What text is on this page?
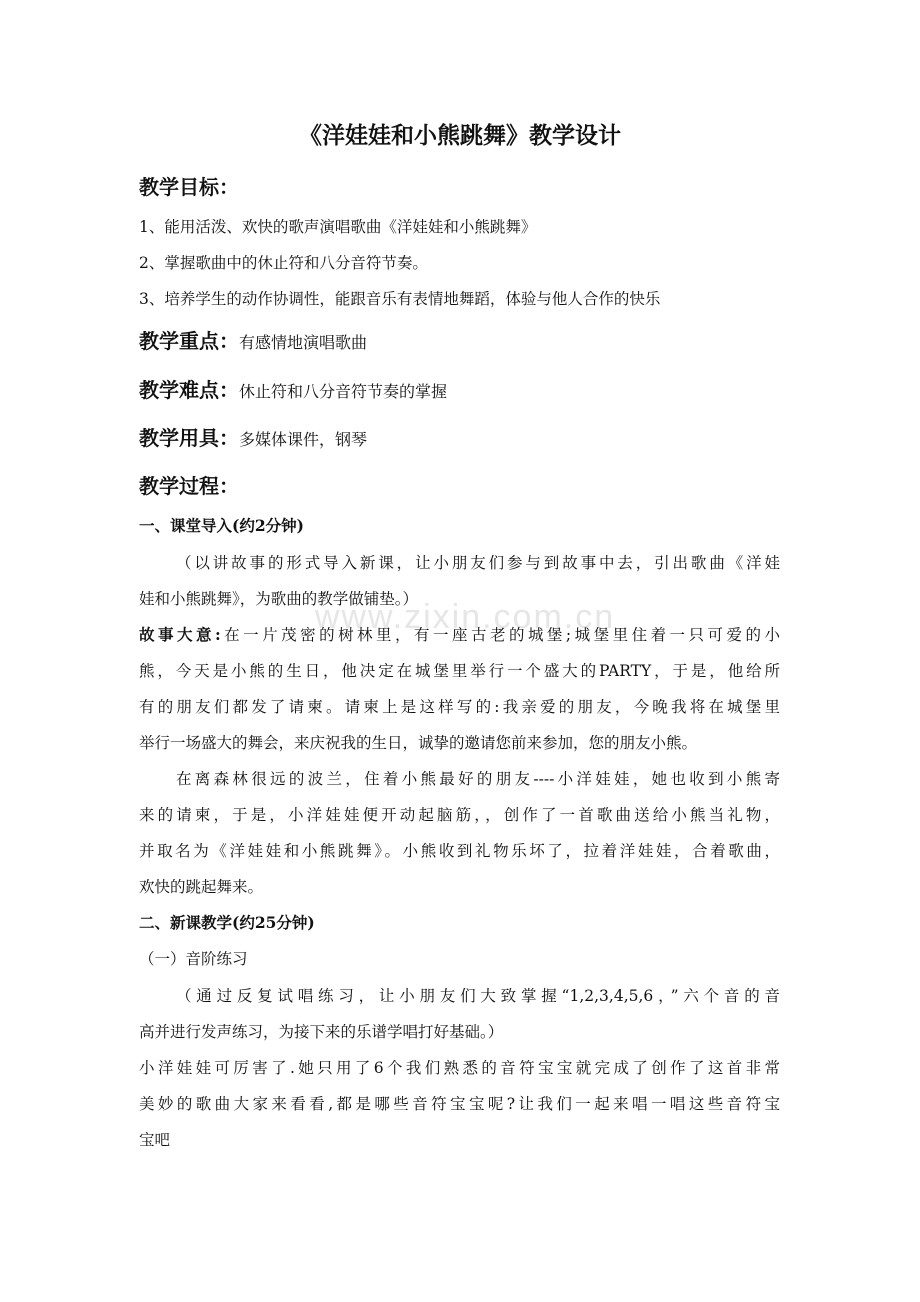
www.zixin.com.cn
《洋娃娃和小熊跳舞》教学设计
教学目标：
1、能用活泼、欢快的歌声演唱歌曲《洋娃娃和小熊跳舞》
2、掌握歌曲中的休止符和八分音符节奏。
3、培养学生的动作协调性，能跟音乐有表情地舞蹈，体验与他人合作的快乐
教学重点：有感情地演唱歌曲
教学难点：休止符和八分音符节奏的掌握
教学用具：多媒体课件，钢琴
教学过程：
一、课堂导入(约2分钟)
（以讲故事的形式导入新课，让小朋友们参与到故事中去，引出歌曲《洋娃
娃和小熊跳舞》，为歌曲的教学做铺垫。）
故事大意:在一片茂密的树林里，有一座古老的城堡;城堡里住着一只可爱的小
熊，今天是小熊的生日，他决定在城堡里举行一个盛大的PARTY，于是，他给所
有的朋友们都发了请柬。请柬上是这样写的:我亲爱的朋友，今晚我将在城堡里
举行一场盛大的舞会，来庆祝我的生日，诚挚的邀请您前来参加，您的朋友小熊。
在离森林很远的波兰，住着小熊最好的朋友----小洋娃娃，她也收到小熊寄
来的请柬，于是，小洋娃娃便开动起脑筋，，创作了一首歌曲送给小熊当礼物，
并取名为《洋娃娃和小熊跳舞》。小熊收到礼物乐坏了，拉着洋娃娃，合着歌曲，
欢快的跳起舞来。
二、新课教学(约25分钟)
（一）音阶练习
（通过反复试唱练习，让小朋友们大致掌握“1,2,3,4,5,6，”六个音的音
高并进行发声练习，为接下来的乐谱学唱打好基础。）
小洋娃娃可厉害了.她只用了6个我们熟悉的音符宝宝就完成了创作了这首非常
美妙的歌曲大家来看看,都是哪些音符宝宝呢?让我们一起来唱一唱这些音符宝
宝吧
